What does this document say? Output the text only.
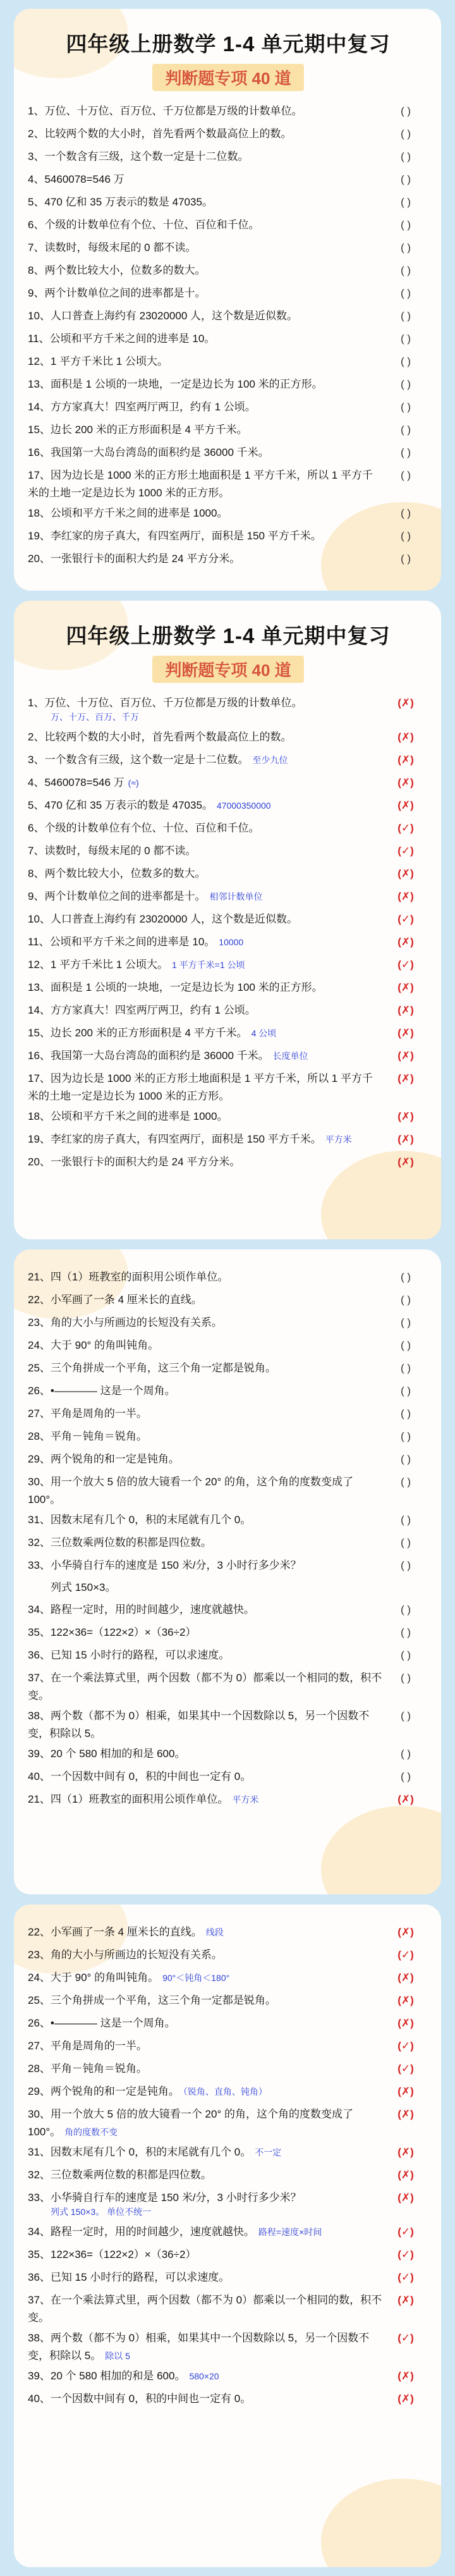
四年级上册数学 1-4 单元期中复习
判断题专项 40 道
1、万位、十万位、百万位、千万位都是万级的计数单位。	( )
2、比较两个数的大小时，首先看两个数最高位上的数。	( )
3、一个数含有三级，这个数一定是十二位数。	( )
4、5460078=546 万	( )
5、470 亿和 35 万表示的数是 47035。	( )
6、个级的计数单位有个位、十位、百位和千位。	( )
7、读数时，每级末尾的 0 都不读。	( )
8、两个数比较大小，位数多的数大。	( )
9、两个计数单位之间的进率都是十。	( )
10、人口普查上海约有 23020000 人，这个数是近似数。	( )
11、公顷和平方千米之间的进率是 10。	( )
12、1 平方千米比 1 公顷大。	( )
13、面积是 1 公顷的一块地，一定是边长为 100 米的正方形。	( )
14、方方家真大！四室两厅两卫，约有 1 公顷。	( )
15、边长 200 米的正方形面积是 4 平方千米。	( )
16、我国第一大岛台湾岛的面积约是 36000 千米。	( )
17、因为边长是 1000 米的正方形土地面积是 1 平方千米，所以 1 平方千米的土地一定是边长为 1000 米的正方形。
( )
18、公顷和平方千米之间的进率是 1000。	( )
19、李红家的房子真大，有四室两厅，面积是 150 平方千米。	( )
20、一张银行卡的面积大约是 24 平方分米。	( )
四年级上册数学 1-4 单元期中复习
判断题专项 40 道
1、万位、十万位、百万位、千万位都是万级的计数单位。	(✗)
万、十万、百万、千万
2、比较两个数的大小时，首先看两个数最高位上的数。	(✗)
3、一个数含有三级，这个数一定是十二位数。 至少九位	(✗)
4、5460078=546 万 (≈)	(✗)
5、470 亿和 35 万表示的数是 47035。 47000350000	(✗)
6、个级的计数单位有个位、十位、百位和千位。	(✓)
7、读数时，每级末尾的 0 都不读。	(✓)
8、两个数比较大小，位数多的数大。	(✗)
9、两个计数单位之间的进率都是十。 相邻计数单位	(✗)
10、人口普查上海约有 23020000 人，这个数是近似数。	(✓)
11、公顷和平方千米之间的进率是 10。 10000	(✗)
12、1 平方千米比 1 公顷大。 1 平方千米=1 公顷	(✓)
13、面积是 1 公顷的一块地，一定是边长为 100 米的正方形。	(✗)
14、方方家真大！四室两厅两卫，约有 1 公顷。	(✗)
15、边长 200 米的正方形面积是 4 平方千米。 4 公顷	(✗)
16、我国第一大岛台湾岛的面积约是 36000 千米。 长度单位	(✗)
17、因为边长是 1000 米的正方形土地面积是 1 平方千米，所以 1 平方千米的土地一定是边长为 1000 米的正方形。
(✗)
18、公顷和平方千米之间的进率是 1000。	(✗)
19、李红家的房子真大，有四室两厅，面积是 150 平方千米。 平方米	(✗)
20、一张银行卡的面积大约是 24 平方分米。	(✗)
21、四（1）班教室的面积用公顷作单位。	( )
22、小军画了一条 4 厘米长的直线。	( )
23、角的大小与所画边的长短没有关系。	( )
24、大于 90° 的角叫钝角。	( )
25、三个角拼成一个平角，这三个角一定都是锐角。	( )
26、•———— 这是一个周角。	( )
27、平角是周角的一半。	( )
28、平角－钝角＝锐角。	( )
29、两个锐角的和一定是钝角。	( )
30、用一个放大 5 倍的放大镜看一个 20° 的角，这个角的度数变成了 100°。
( )
31、因数末尾有几个 0，积的末尾就有几个 0。	( )
32、三位数乘两位数的积都是四位数。	( )
33、小华骑自行车的速度是 150 米/分，3 小时行多少米？	( )
列式 150×3。
34、路程一定时，用的时间越少，速度就越快。	( )
35、122×36=（122×2）×（36÷2）	( )
36、已知 15 小时行的路程，可以求速度。	( )
37、在一个乘法算式里，两个因数（都不为 0）都乘以一个相同的数，积不变。
( )
38、两个数（都不为 0）相乘，如果其中一个因数除以 5，另一个因数不变，积除以 5。
( )
39、20 个 580 相加的和是 600。	( )
40、一个因数中间有 0，积的中间也一定有 0。	( )
21、四（1）班教室的面积用公顷作单位。 平方米	(✗)
22、小军画了一条 4 厘米长的直线。 线段	(✗)
23、角的大小与所画边的长短没有关系。	(✓)
24、大于 90° 的角叫钝角。 90°＜钝角＜180°	(✗)
25、三个角拼成一个平角，这三个角一定都是锐角。	(✗)
26、•———— 这是一个周角。	(✗)
27、平角是周角的一半。	(✓)
28、平角－钝角＝锐角。	(✓)
29、两个锐角的和一定是钝角。 （锐角、直角、钝角）	(✗)
30、用一个放大 5 倍的放大镜看一个 20° 的角，这个角的度数变成了 100°。 角的度数不变
(✗)
31、因数末尾有几个 0，积的末尾就有几个 0。 不一定	(✗)
32、三位数乘两位数的积都是四位数。	(✗)
33、小华骑自行车的速度是 150 米/分，3 小时行多少米？	(✗)
列式 150×3。 单位不统一
34、路程一定时，用的时间越少，速度就越快。 路程=速度×时间	(✓)
35、122×36=（122×2）×（36÷2）	(✓)
36、已知 15 小时行的路程，可以求速度。	(✓)
37、在一个乘法算式里，两个因数（都不为 0）都乘以一个相同的数，积不变。
(✗)
38、两个数（都不为 0）相乘，如果其中一个因数除以 5，另一个因数不变，积除以 5。 除以 5
(✓)
39、20 个 580 相加的和是 600。 580×20	(✗)
40、一个因数中间有 0，积的中间也一定有 0。	(✗)
